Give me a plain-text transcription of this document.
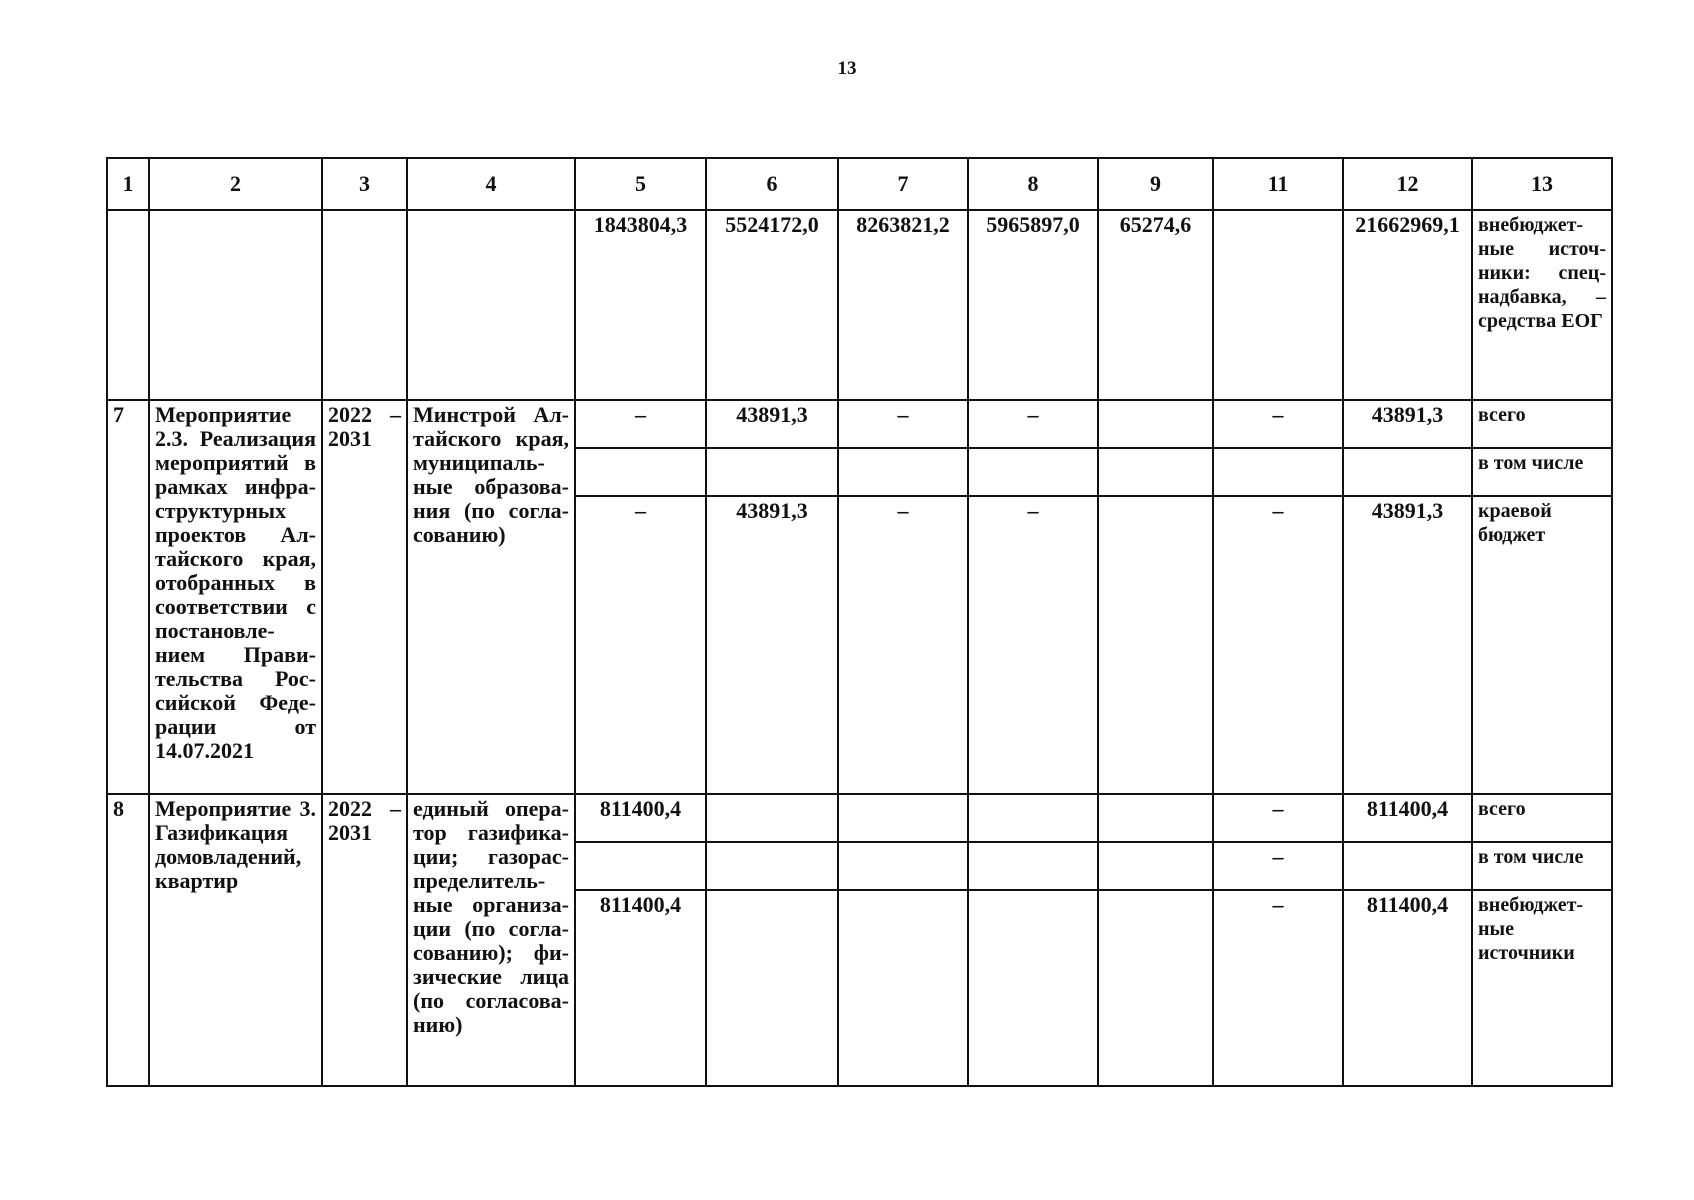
13
1	2	3	4	5	6	7	8	9	11	12	13
				1843804,3	5524172,0	8263821,2	5965897,0	65274,6		21662969,1	внебюджетные источники: спецнадбавка, – средства ЕОГ
7	Мероприятие 2.3. Реализация мероприятий в рамках инфраструктурных проектов Алтайского края, отобранных в соответствии с постановлением Правительства Российской Федерации от 14.07.2021	2022 – 2031	Минстрой Алтайского края, муниципальные образования (по согласованию)	–	43891,3	–	–		–	43891,3	всего
											в том числе
				–	43891,3	–	–		–	43891,3	краевой бюджет
8	Мероприятие 3. Газификация домовладений, квартир	2022 – 2031	единый оператор газификации; газораспределительные организации (по согласованию); физические лица (по согласованию)	811400,4					–	811400,4	всего
									–		в том числе
				811400,4					–	811400,4	внебюджетные источники
